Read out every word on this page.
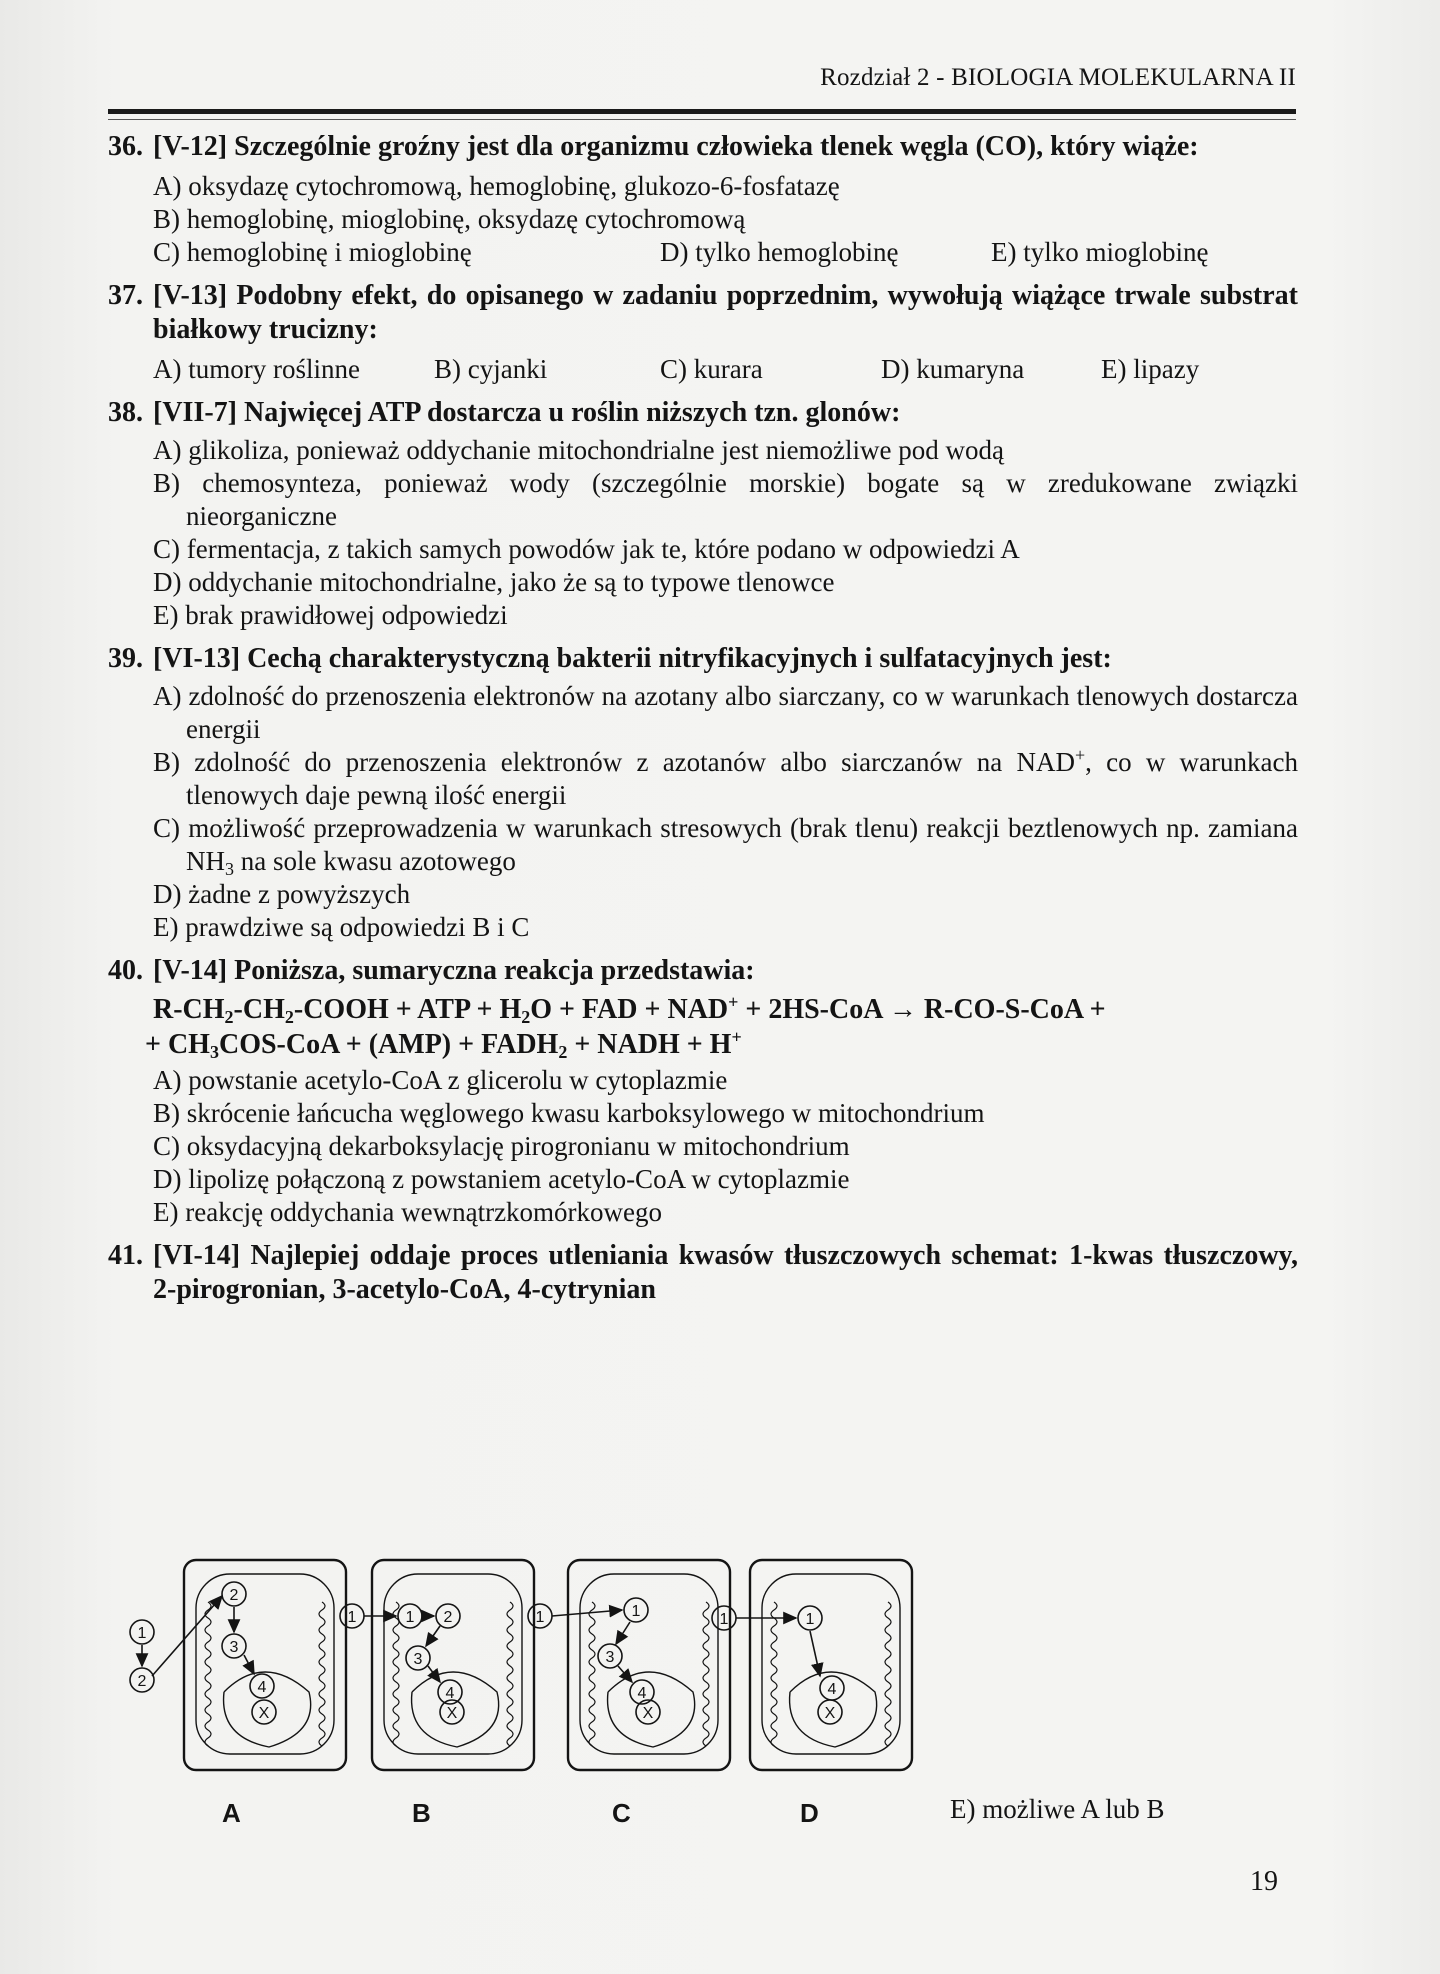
Rozdział 2 - BIOLOGIA MOLEKULARNA II
36. [V-12] Szczególnie groźny jest dla organizmu człowieka tlenek węgla (CO), który wiąże:
A) oksydazę cytochromową, hemoglobinę, glukozo-6-fosfatazę
B) hemoglobinę, mioglobinę, oksydazę cytochromową
C) hemoglobinę i mioglobinę	D) tylko hemoglobinę	E) tylko mioglobinę
37. [V-13] Podobny efekt, do opisanego w zadaniu poprzednim, wywołują wiążące trwale substrat białkowy trucizny:
A) tumory roślinne	B) cyjanki	C) kurara	D) kumaryna	E) lipazy
38. [VII-7] Najwięcej ATP dostarcza u roślin niższych tzn. glonów:
A) glikoliza, ponieważ oddychanie mitochondrialne jest niemożliwe pod wodą
B) chemosynteza, ponieważ wody (szczególnie morskie) bogate są w zredukowane związki nieorganiczne
C) fermentacja, z takich samych powodów jak te, które podano w odpowiedzi A
D) oddychanie mitochondrialne, jako że są to typowe tlenowce
E) brak prawidłowej odpowiedzi
39. [VI-13] Cechą charakterystyczną bakterii nitryfikacyjnych i sulfatacyjnych jest:
A) zdolność do przenoszenia elektronów na azotany albo siarczany, co w warunkach tlenowych dostarcza energii
B) zdolność do przenoszenia elektronów z azotanów albo siarczanów na NAD+, co w warunkach tlenowych daje pewną ilość energii
C) możliwość przeprowadzenia w warunkach stresowych (brak tlenu) reakcji beztlenowych np. zamiana $NH_3$ na sole kwasu azotowego
D) żadne z powyższych
E) prawdziwe są odpowiedzi B i C
40. [V-14] Poniższa, sumaryczna reakcja przedstawia:
$R-CH_2-CH_2$-COOH + ATP + $H_2O$ + FAD + NAD+ + 2HS-CoA → R-CO-S-CoA +
+ $CH_3COS$-CoA + $(AMP) + FADH_2$ + NADH + H+
A) powstanie acetylo-CoA z glicerolu w cytoplazmie
B) skrócenie łańcucha węglowego kwasu karboksylowego w mitochondrium
C) oksydacyjną dekarboksylację pirogronianu w mitochondrium
D) lipolizę połączoną z powstaniem acetylo-CoA w cytoplazmie
E) reakcję oddychania wewnątrzkomórkowego
41. [VI-14] Najlepiej oddaje proces utleniania kwasów tłuszczowych schemat: 1-kwas tłuszczowy, 2-pirogronian, 3-acetylo-CoA, 4-cytrynian
X
1
2
2
3
4
X
1	1 2
3
4
X
1	1
3
4
X
1	1
4
A	B	C	D	E) możliwe A lub B
19
